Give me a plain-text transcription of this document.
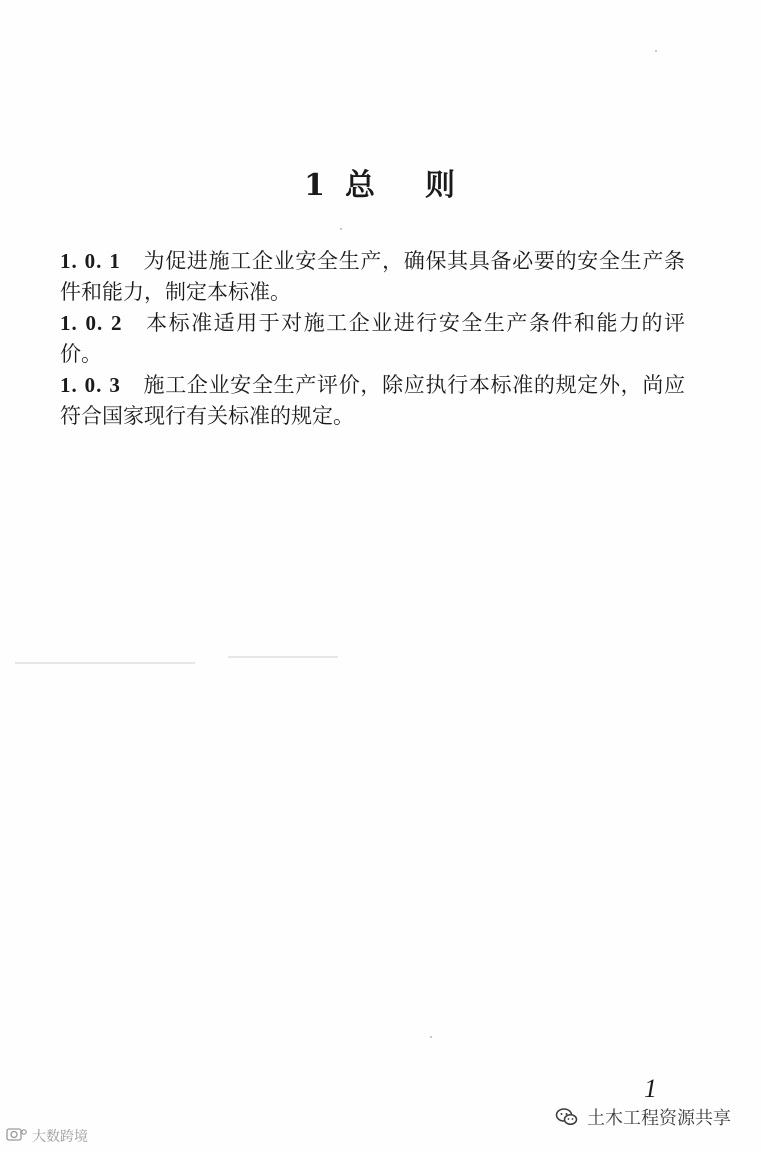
1 总 则

1. 0. 1 为促进施工企业安全生产，确保其具备必要的安全生产条件和能力，制定本标准。

1. 0. 2 本标准适用于对施工企业进行安全生产条件和能力的评价。

1. 0. 3 施工企业安全生产评价，除应执行本标准的规定外，尚应符合国家现行有关标准的规定。

1
土木工程资源共享
大数跨境
